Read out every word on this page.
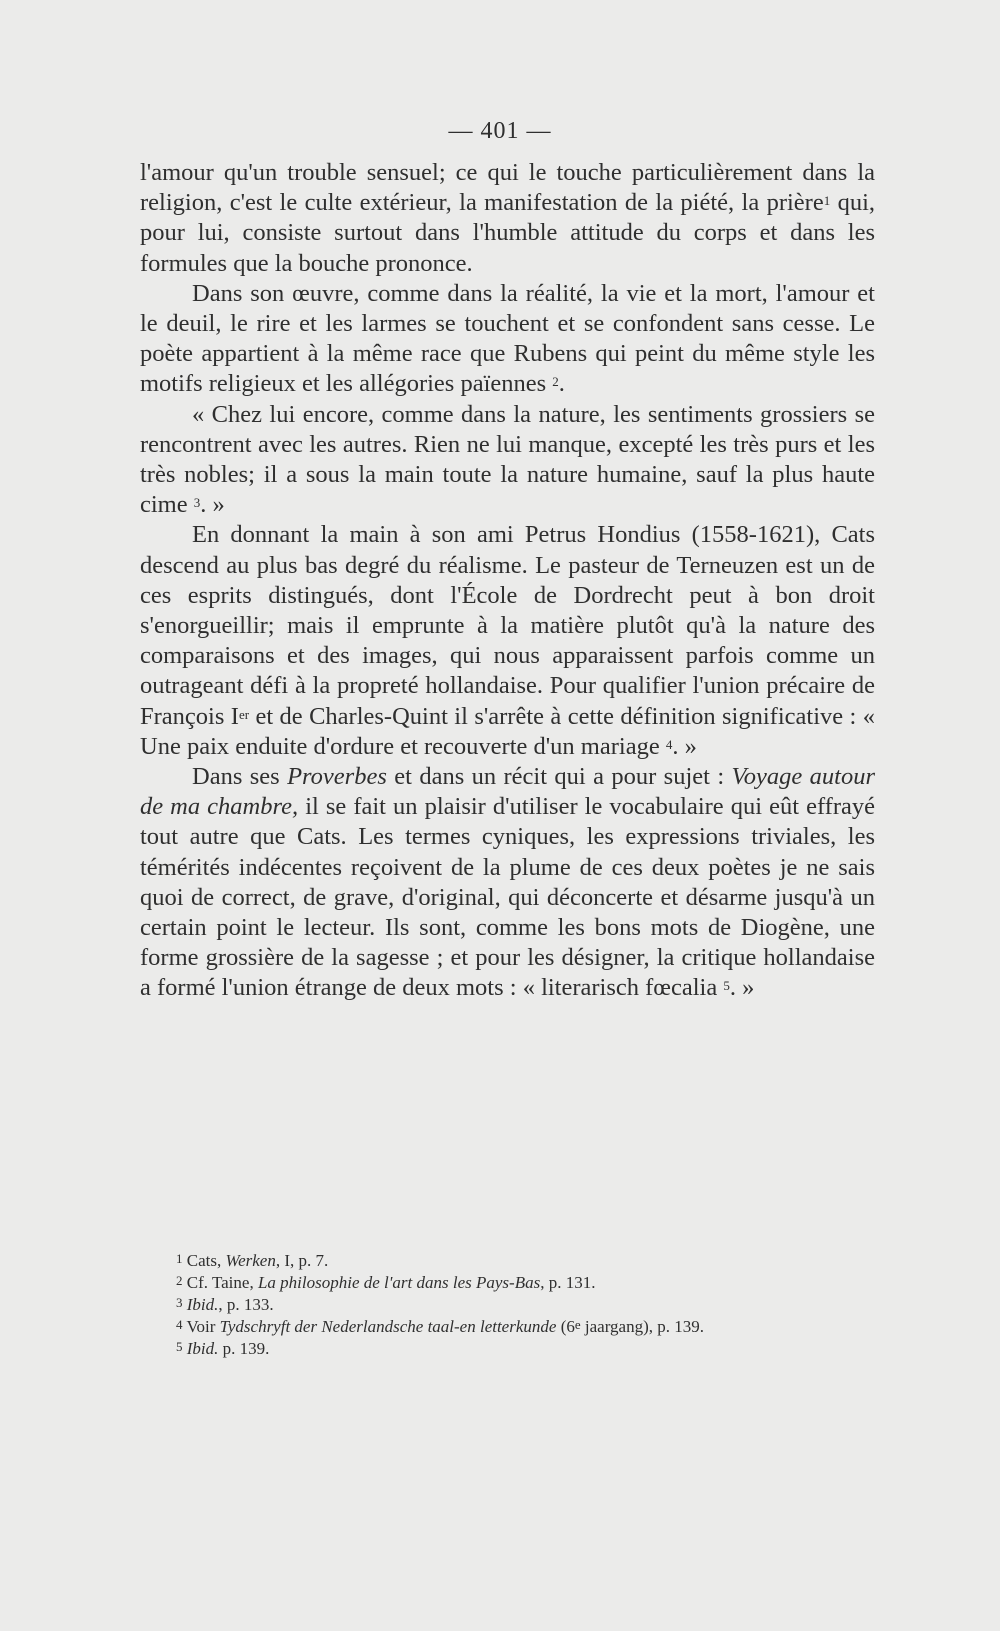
— 401 —

l'amour qu'un trouble sensuel; ce qui le touche particulièrement dans la religion, c'est le culte extérieur, la manifestation de la piété, la prière$^1$ qui, pour lui, consiste surtout dans l'humble attitude du corps et dans les formules que la bouche prononce.

Dans son œuvre, comme dans la réalité, la vie et la mort, l'amour et le deuil, le rire et les larmes se touchent et se confondent sans cesse. Le poète appartient à la même race que Rubens qui peint du même style les motifs religieux et les allégories païennes $^2$.

« Chez lui encore, comme dans la nature, les sentiments grossiers se rencontrent avec les autres. Rien ne lui manque, excepté les très purs et les très nobles; il a sous la main toute la nature humaine, sauf la plus haute cime $^3$. »

En donnant la main à son ami Petrus Hondius (1558-1621), Cats descend au plus bas degré du réalisme. Le pasteur de Terneuzen est un de ces esprits distingués, dont l'École de Dordrecht peut à bon droit s'enorgueillir; mais il emprunte à la matière plutôt qu'à la nature des comparaisons et des images, qui nous apparaissent parfois comme un outrageant défi à la propreté hollandaise. Pour qualifier l'union précaire de François Ier et de Charles-Quint il s'arrête à cette définition significative : « Une paix enduite d'ordure et recouverte d'un mariage $^4$. »

Dans ses Proverbes et dans un récit qui a pour sujet : Voyage autour de ma chambre, il se fait un plaisir d'utiliser le vocabulaire qui eût effrayé tout autre que Cats. Les termes cyniques, les expressions triviales, les témérités indécentes reçoivent de la plume de ces deux poètes je ne sais quoi de correct, de grave, d'original, qui déconcerte et désarme jusqu'à un certain point le lecteur. Ils sont, comme les bons mots de Diogène, une forme grossière de la sagesse ; et pour les désigner, la critique hollandaise a formé l'union étrange de deux mots : « literarisch fœcalia $^5$. »

$^1$ Cats, Werken, I, p. 7.

$^2$ Cf. Taine, La philosophie de l'art dans les Pays-Bas, p. 131.

$^3$ Ibid., p. 133.

$^4$ Voir Tydschryft der Nederlandsche taal-en letterkunde (6e jaargang), p. 139.

$^5$ Ibid. p. 139.
